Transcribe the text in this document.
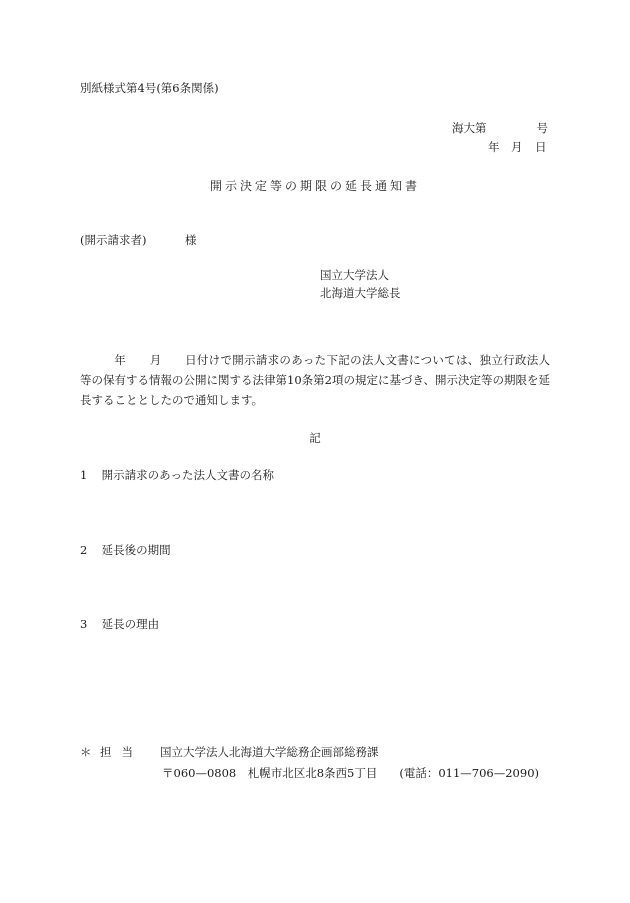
別紙様式第4号(第6条関係)
海大第	号
年 月 日
開示決定等の期限の延長通知書
(開示請求者)	様
国立大学法人
北海道大学総長
年　　 月　　 日付けで開示請求のあった下記の法人文書については、独立行政法人等の保有する情報の公開に関する法律第10条第2項の規定に基づき、開示決定等の期限を延長することとしたので通知します。
記
1 開示請求のあった法人文書の名称
2 延長後の期間
3 延長の理由
＊ 担当 国立大学法人北海道大学総務企画部総務課
〒060—0808　札幌市北区北8条西5丁目 (電話：011—706—2090)
